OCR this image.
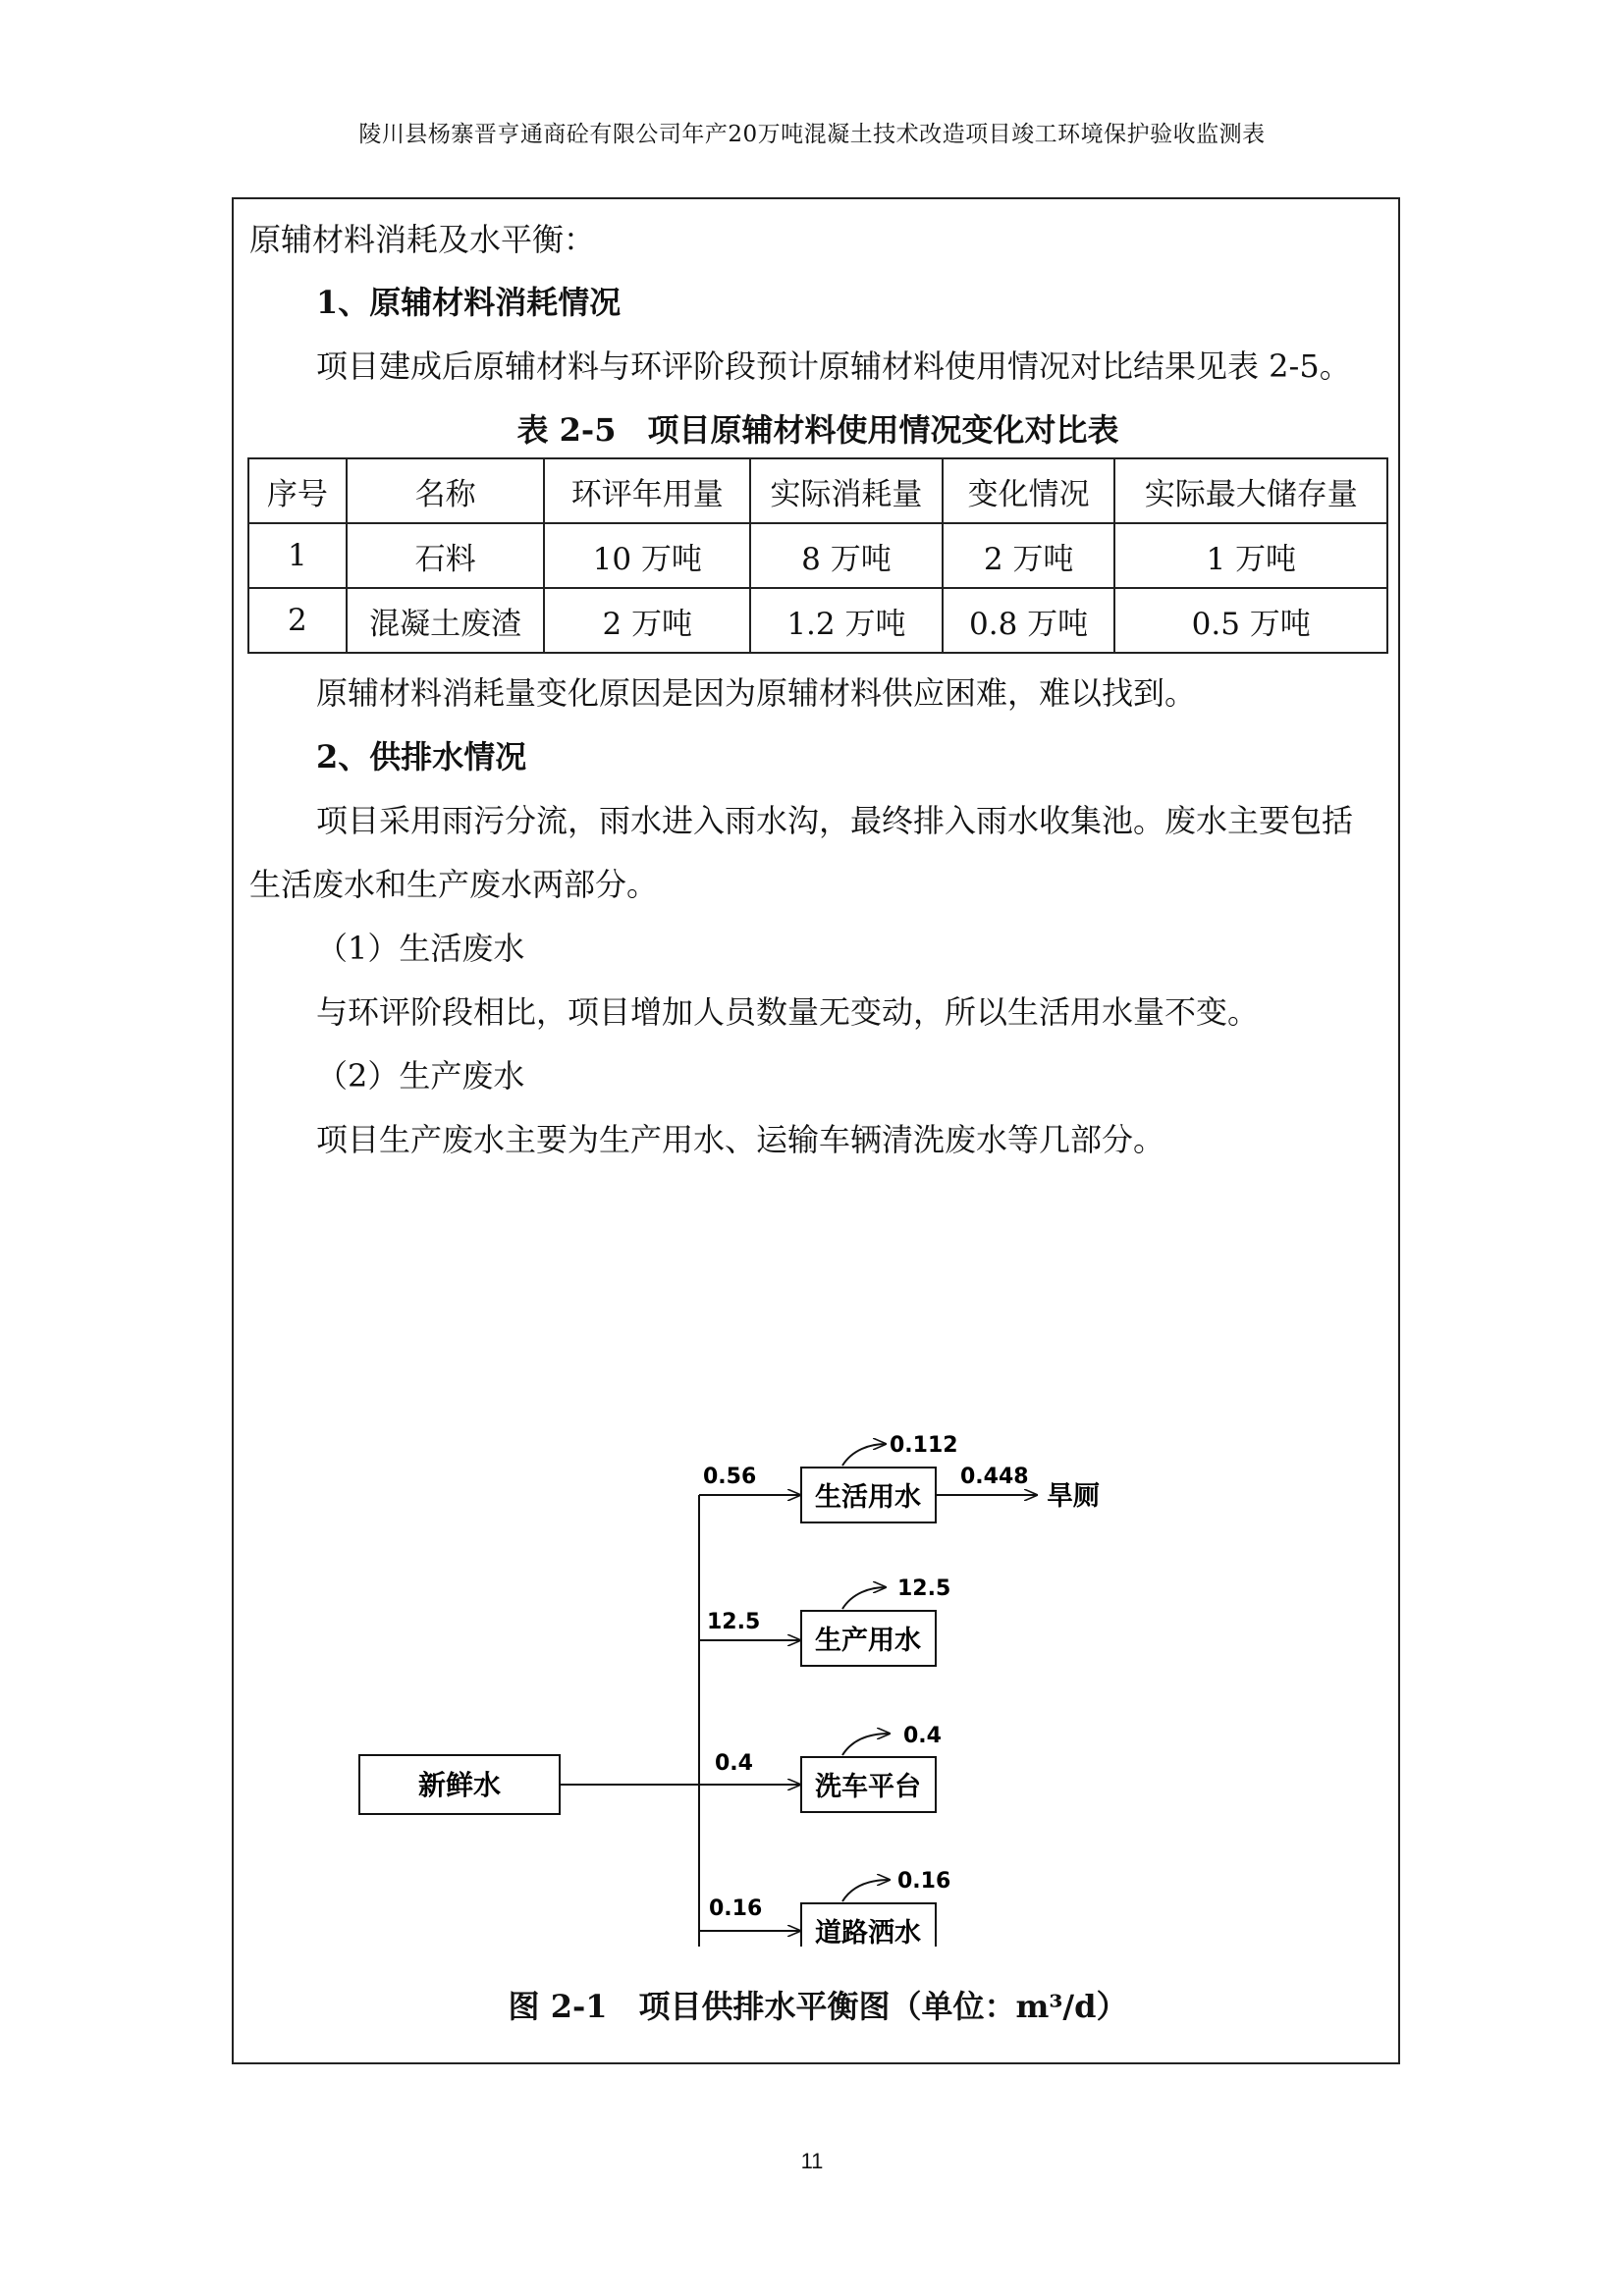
陵川县杨寨晋亨通商砼有限公司年产20万吨混凝土技术改造项目竣工环境保护验收监测表
原辅材料消耗及水平衡：
1、原辅材料消耗情况
项目建成后原辅材料与环评阶段预计原辅材料使用情况对比结果见表 2-5。
表 2-5　项目原辅材料使用情况变化对比表
序号	名称	环评年用量	实际消耗量	变化情况	实际最大储存量
1	石料	10 万吨	8 万吨	2 万吨	1 万吨
2	混凝土废渣	2 万吨	1.2 万吨	0.8 万吨	0.5 万吨
原辅材料消耗量变化原因是因为原辅材料供应困难，难以找到。
2、供排水情况
项目采用雨污分流，雨水进入雨水沟，最终排入雨水收集池。废水主要包括
生活废水和生产废水两部分。
（1）生活废水
与环评阶段相比，项目增加人员数量无变动，所以生活用水量不变。
（2）生产废水
项目生产废水主要为生产用水、运输车辆清洗废水等几部分。
新鲜水
0.56
生活用水
0.112
0.448
旱厕
12.5
生产用水
12.5
0.4
洗车平台
0.4
0.16
道路洒水
0.16
图 2-1　项目供排水平衡图（单位：m³/d）
11
